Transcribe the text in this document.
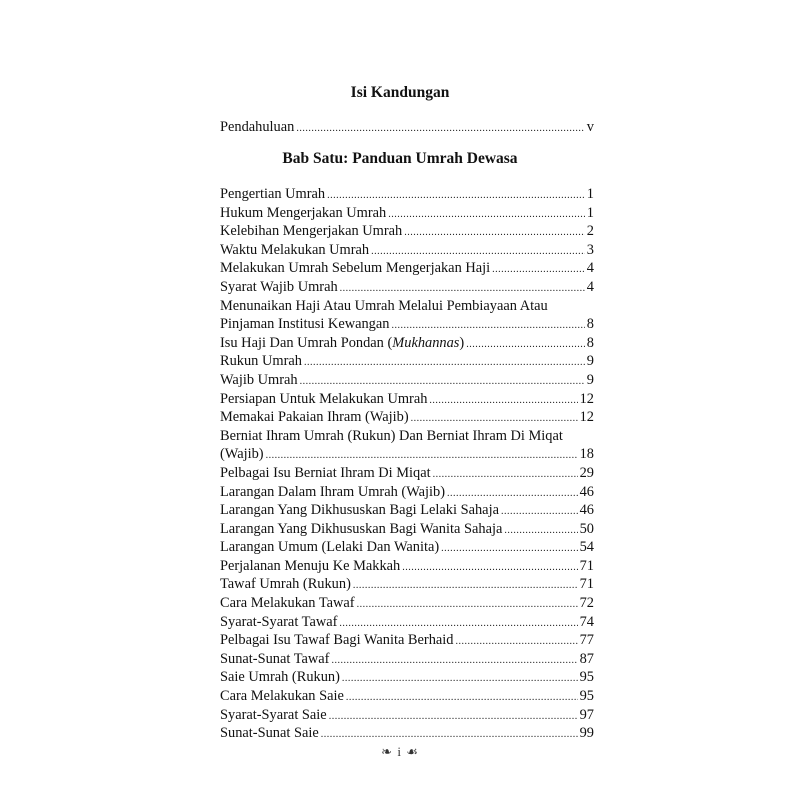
Isi Kandungan
Pendahuluan .....	v
Bab Satu: Panduan Umrah Dewasa
Pengertian Umrah .....	1
Hukum Mengerjakan Umrah .....	1
Kelebihan Mengerjakan Umrah .....	2
Waktu Melakukan Umrah .....	3
Melakukan Umrah Sebelum Mengerjakan Haji .....	4
Syarat Wajib Umrah .....	4
Menunaikan Haji Atau Umrah Melalui Pembiayaan Atau
Pinjaman Institusi Kewangan .....	8
Isu Haji Dan Umrah Pondan (Mukhannas) .....	8
Rukun Umrah .....	9
Wajib Umrah .....	9
Persiapan Untuk Melakukan Umrah .....	12
Memakai Pakaian Ihram (Wajib) .....	12
Berniat Ihram Umrah (Rukun) Dan Berniat Ihram Di Miqat
(Wajib) .....	18
Pelbagai Isu Berniat Ihram Di Miqat .....	29
Larangan Dalam Ihram Umrah (Wajib) .....	46
Larangan Yang Dikhususkan Bagi Lelaki Sahaja .....	46
Larangan Yang Dikhususkan Bagi Wanita Sahaja .....	50
Larangan Umum (Lelaki Dan Wanita) .....	54
Perjalanan Menuju Ke Makkah .....	71
Tawaf Umrah (Rukun) .....	71
Cara Melakukan Tawaf .....	72
Syarat-Syarat Tawaf .....	74
Pelbagai Isu Tawaf Bagi Wanita Berhaid .....	77
Sunat-Sunat Tawaf .....	87
Saie Umrah (Rukun) .....	95
Cara Melakukan Saie .....	95
Syarat-Syarat Saie .....	97
Sunat-Sunat Saie .....	99
❧ i ☙
